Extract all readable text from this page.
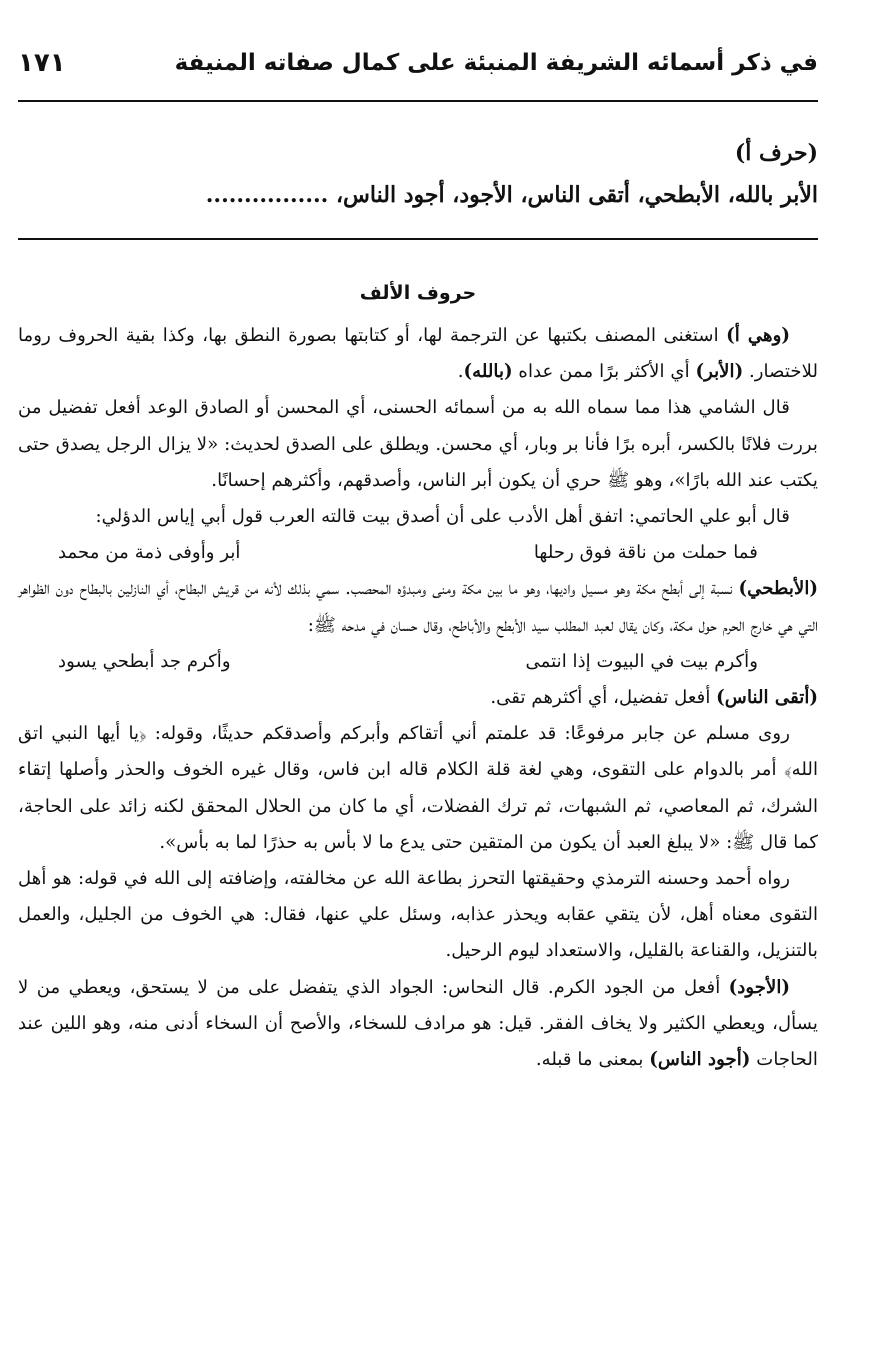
في ذكر أسمائه الشريفة المنبئة على كمال صفاته المنيفة
١٧١
(حرف أ)
الأبر بالله، الأبطحي، أتقى الناس، الأجود، أجود الناس، ................
حروف الألف

(وهي أ) استغنى المصنف بكتبها عن الترجمة لها، أو كتابتها بصورة النطق بها، وكذا بقية الحروف روما للاختصار. (الأبر) أي الأكثر برًا ممن عداه (بالله).

قال الشامي هذا مما سماه الله به من أسمائه الحسنى، أي المحسن أو الصادق الوعد أفعل تفضيل من بررت فلانًا بالكسر، أبره برًا فأنا بر وبار، أي محسن. ويطلق على الصدق لحديث: «لا يزال الرجل يصدق حتى يكتب عند الله بارًا»، وهو ﷺ حري أن يكون أبر الناس، وأصدقهم، وأكثرهم إحسانًا.

قال أبو علي الحاتمي: اتفق أهل الأدب على أن أصدق بيت قالته العرب قول أبي إياس الدؤلي:

فما حملت من ناقة فوق رحلها
أبر وأوفى ذمة من محمد

(الأبطحي) نسبة إلى أبطح مكة وهو مسيل واديها، وهو ما بين مكة ومنى ومبدؤه المحصب. سمي بذلك لأنه من قريش البطاح، أي النازلين بالبطاح دون الظواهر التي هي خارج الحرم حول مكة، وكان يقال لعبد المطلب سيد الأبطح والأباطح، وقال حسان في مدحه ﷺ:

وأكرم بيت في البيوت إذا انتمى
وأكرم جد أبطحي يسود

(أتقى الناس) أفعل تفضيل، أي أكثرهم تقى.

روى مسلم عن جابر مرفوعًا: قد علمتم أني أتقاكم وأبركم وأصدقكم حديثًا، وقوله: ﴿يا أيها النبي اتق الله﴾ أمر بالدوام على التقوى، وهي لغة قلة الكلام قاله ابن فاس، وقال غيره الخوف والحذر وأصلها إتقاء الشرك، ثم المعاصي، ثم الشبهات، ثم ترك الفضلات، أي ما كان من الحلال المحقق لكنه زائد على الحاجة، كما قال ﷺ: «لا يبلغ العبد أن يكون من المتقين حتى يدع ما لا بأس به حذرًا لما به بأس».

رواه أحمد وحسنه الترمذي وحقيقتها التحرز بطاعة الله عن مخالفته، وإضافته إلى الله في قوله: هو أهل التقوى معناه أهل، لأن يتقي عقابه ويحذر عذابه، وسئل علي عنها، فقال: هي الخوف من الجليل، والعمل بالتنزيل، والقناعة بالقليل، والاستعداد ليوم الرحيل.

(الأجود) أفعل من الجود الكرم. قال النحاس: الجواد الذي يتفضل على من لا يستحق، ويعطي من لا يسأل، ويعطي الكثير ولا يخاف الفقر. قيل: هو مرادف للسخاء، والأصح أن السخاء أدنى منه، وهو اللين عند الحاجات (أجود الناس) بمعنى ما قبله.
